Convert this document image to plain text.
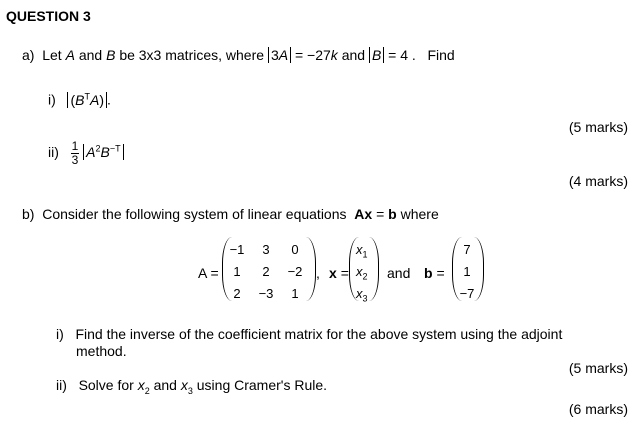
QUESTION 3
a) Let A and B be 3x3 matrices, where 3A = −27k and B = 4 . Find
i) $(B^TA)$ .
(5 marks)
$ii) \frac{1}{3} A^2B^{-T}$
(4 marks)
b) Consider the following system of linear equations Ax = b where
A =
−1	3	0
1	2	−2
2	−3	1
, x =
$x_1$
$x_2$
$x_3$
and b =
7
1
−7
i) Find the inverse of the coefficient matrix for the above system using the adjoint
method.
(5 marks)
ii) Solve for $x_2$ and $x_3$ using Cramer's Rule.
(6 marks)
